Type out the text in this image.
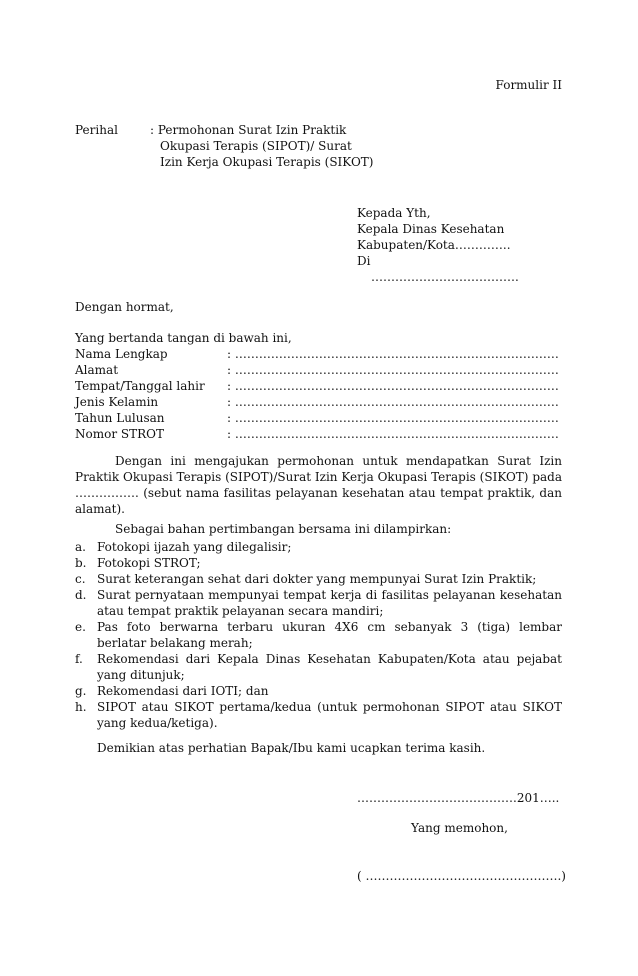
Formulir II
Perihal	: Permohonan Surat Izin Praktik
Okupasi Terapis (SIPOT)/ Surat
Izin Kerja Okupasi Terapis (SIKOT)
Kepada Yth,
Kepala Dinas Kesehatan
Kabupaten/Kota…………..
Di
……………………………….
Dengan hormat,
Yang bertanda tangan di bawah ini,
Nama Lengkap	: ………………………………………………………………………
Alamat	: ………………………………………………………………………
Tempat/Tanggal lahir	: ………………………………………………………………………
Jenis Kelamin	: ………………………………………………………………………
Tahun Lulusan	: ………………………………………………………………………
Nomor STROT	: ………………………………………………………………………
Dengan ini mengajukan permohonan untuk mendapatkan Surat Izin Praktik Okupasi Terapis (SIPOT)/Surat Izin Kerja Okupasi Terapis (SIKOT) pada ……………. (sebut nama fasilitas pelayanan kesehatan atau tempat praktik, dan alamat).
Sebagai bahan pertimbangan bersama ini dilampirkan:
a. Fotokopi ijazah yang dilegalisir;
b. Fotokopi STROT;
c. Surat keterangan sehat dari dokter yang mempunyai Surat Izin Praktik;
d. Surat pernyataan mempunyai tempat kerja di fasilitas pelayanan kesehatan atau tempat praktik pelayanan secara mandiri;
e. Pas foto berwarna terbaru ukuran 4X6 cm sebanyak 3 (tiga) lembar berlatar belakang merah;
f.	Rekomendasi dari Kepala Dinas Kesehatan Kabupaten/Kota atau pejabat yang ditunjuk;
g. Rekomendasi dari IOTI; dan
h. SIPOT atau SIKOT pertama/kedua (untuk permohonan SIPOT atau SIKOT yang kedua/ketiga).
Demikian atas perhatian Bapak/Ibu kami ucapkan terima kasih.
………………………………….201…..
Yang memohon,
( ………………………………………….)
